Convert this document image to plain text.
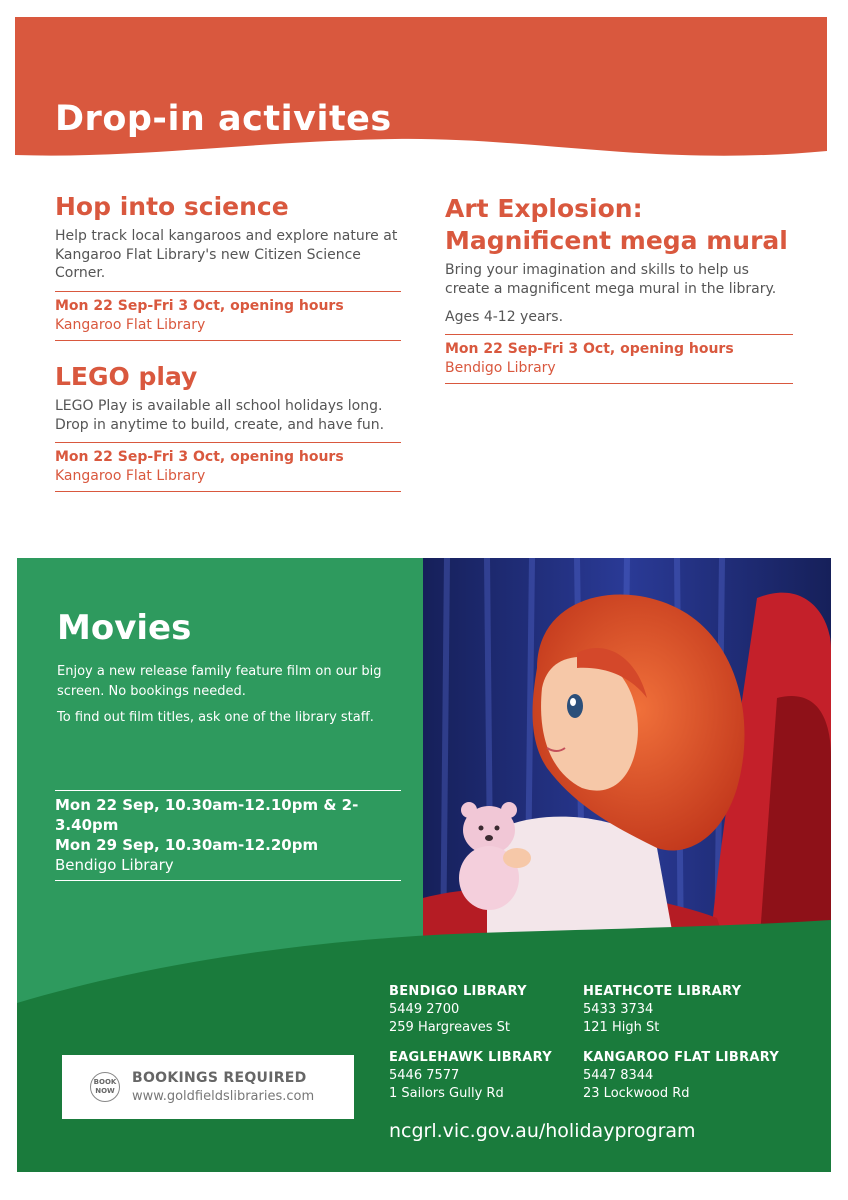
Drop-in activites
Hop into science

Help track local kangaroos and explore nature at Kangaroo Flat Library's new Citizen Science Corner.

Mon 22 Sep-Fri 3 Oct, opening hours
Kangaroo Flat Library
LEGO play

LEGO Play is available all school holidays long. Drop in anytime to build, create, and have fun.

Mon 22 Sep-Fri 3 Oct, opening hours
Kangaroo Flat Library
Art Explosion:
Magnificent mega mural

Bring your imagination and skills to help us create a magnificent mega mural in the library.

Ages 4-12 years.

Mon 22 Sep-Fri 3 Oct, opening hours
Bendigo Library
Movies

Enjoy a new release family feature film on our big screen. No bookings needed.

To find out film titles, ask one of the library staff.

Mon 22 Sep, 10.30am-12.10pm & 2-3.40pm
Mon 29 Sep, 10.30am-12.20pm
Bendigo Library
BENDIGO LIBRARY
5449 2700
259 Hargreaves St
HEATHCOTE LIBRARY
5433 3734
121 High St
EAGLEHAWK LIBRARY
5446 7577
1 Sailors Gully Rd
KANGAROO FLAT LIBRARY
5447 8344
23 Lockwood Rd
ncgrl.vic.gov.au/holidayprogram
BOOK
NOW
BOOKINGS REQUIRED
www.goldfieldslibraries.com
